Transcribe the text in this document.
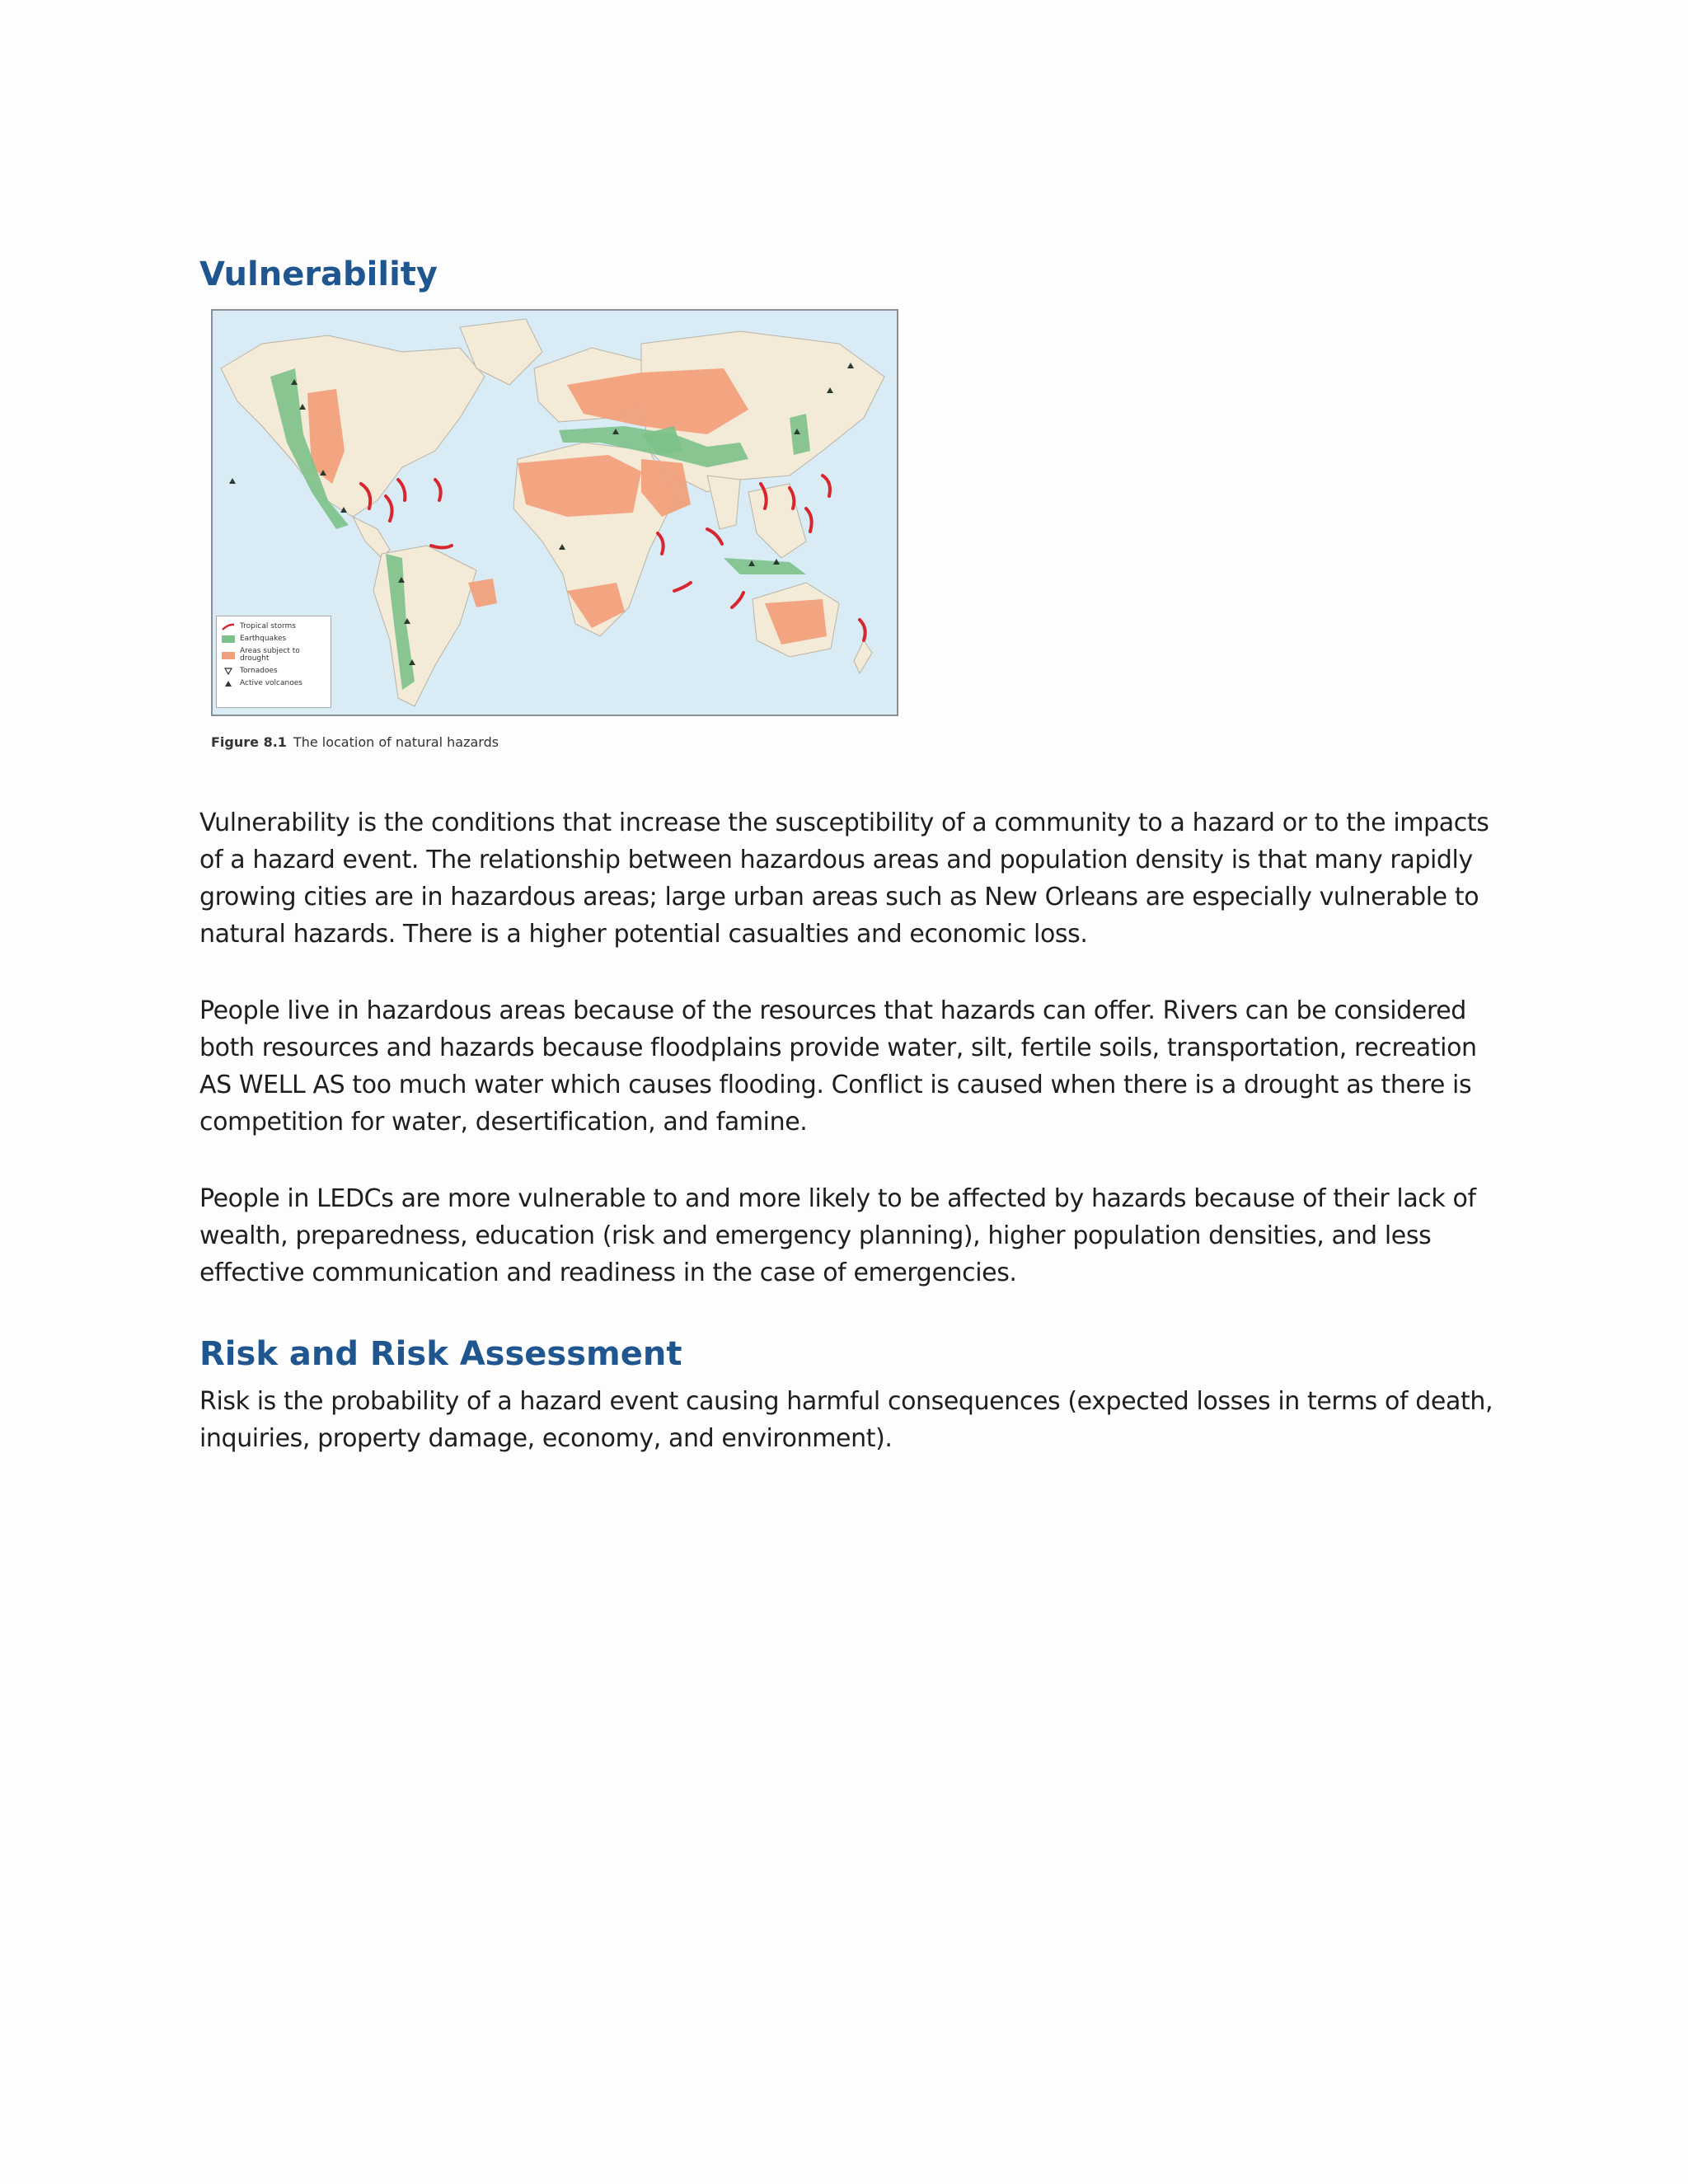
Vulnerability
Tropical storms
Earthquakes
Areas subject to drought
Tornadoes
Active volcanoes
Figure 8.1 The location of natural hazards

Vulnerability is the conditions that increase the susceptibility of a community to a hazard or to the impacts of a hazard event. The relationship between hazardous areas and population density is that many rapidly growing cities are in hazardous areas; large urban areas such as New Orleans are especially vulnerable to natural hazards. There is a higher potential casualties and economic loss.

People live in hazardous areas because of the resources that hazards can offer. Rivers can be considered both resources and hazards because floodplains provide water, silt, fertile soils, transportation, recreation AS WELL AS too much water which causes flooding. Conflict is caused when there is a drought as there is competition for water, desertification, and famine.

People in LEDCs are more vulnerable to and more likely to be affected by hazards because of their lack of wealth, preparedness, education (risk and emergency planning), higher population densities, and less effective communication and readiness in the case of emergencies.

Risk and Risk Assessment

Risk is the probability of a hazard event causing harmful consequences (expected losses in terms of death, inquiries, property damage, economy, and environment).
